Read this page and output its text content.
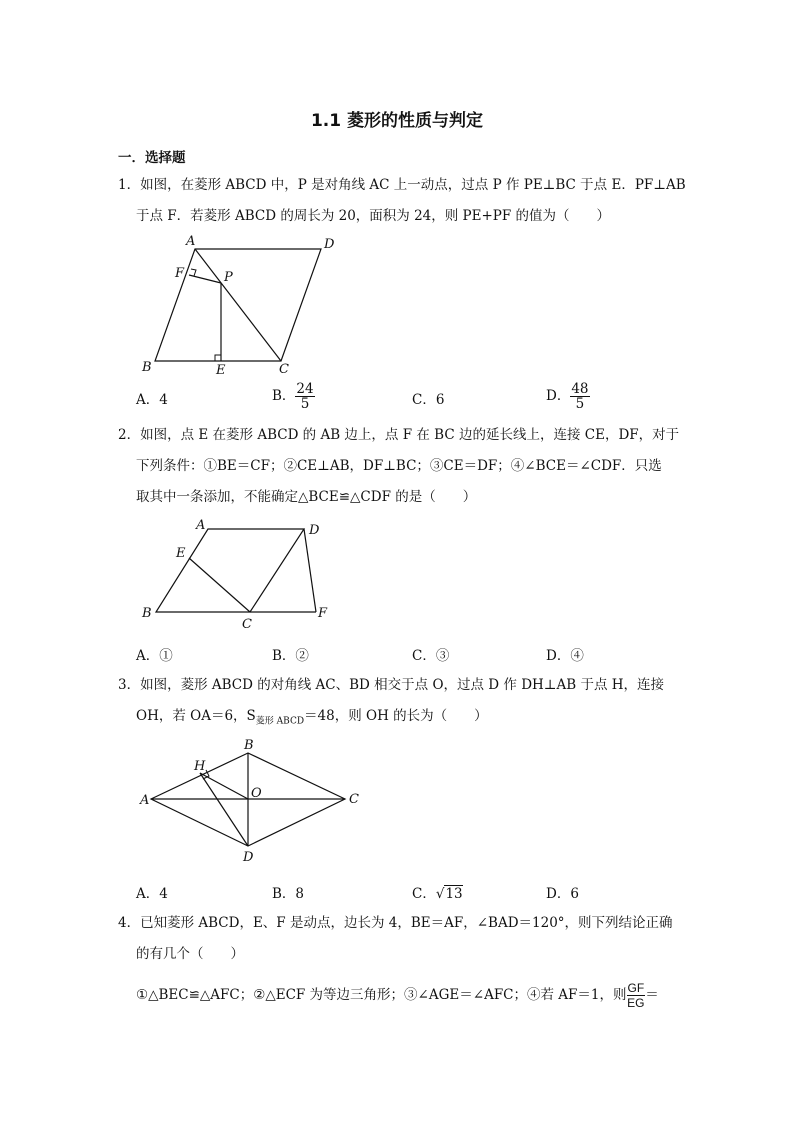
1.1 菱形的性质与判定
一．选择题
1．如图，在菱形 ABCD 中，P 是对角线 AC 上一动点，过点 P 作 PE⊥BC 于点 E．PF⊥AB
于点 F．若菱形 ABCD 的周长为 20，面积为 24，则 PE+PF 的值为（　　）
A	D
B	C
E
F	P
A．4	B． $\frac{24}{5}$	C．6	D． $\frac{48}{5}$
2．如图，点 E 在菱形 ABCD 的 AB 边上，点 F 在 BC 边的延长线上，连接 CE，DF，对于
下列条件：①BE＝CF；②CE⊥AB，DF⊥BC；③CE＝DF；④∠BCE＝∠CDF．只选
取其中一条添加，不能确定△BCE≌△CDF 的是（　　）
A	D
E
B
C
F
A．①	B．②	C．③	D．④
3．如图，菱形 ABCD 的对角线 AC、BD 相交于点 O，过点 D 作 DH⊥AB 于点 H，连接
OH，若 OA＝6，$S_{菱形 ABCD}=48$，则 OH 的长为（　　）
A
B
C
D
H
O
A．4	B．8	C．√13	D．6
4．已知菱形 ABCD，E、F 是动点，边长为 4，BE＝AF，∠BAD＝120°，则下列结论正确
的有几个（　　）
①△BEC≌△AFC；②△ECF 为等边三角形；③∠AGE＝∠AFC；④若 AF＝1，则 $\frac{GF}{EG}$ ＝
